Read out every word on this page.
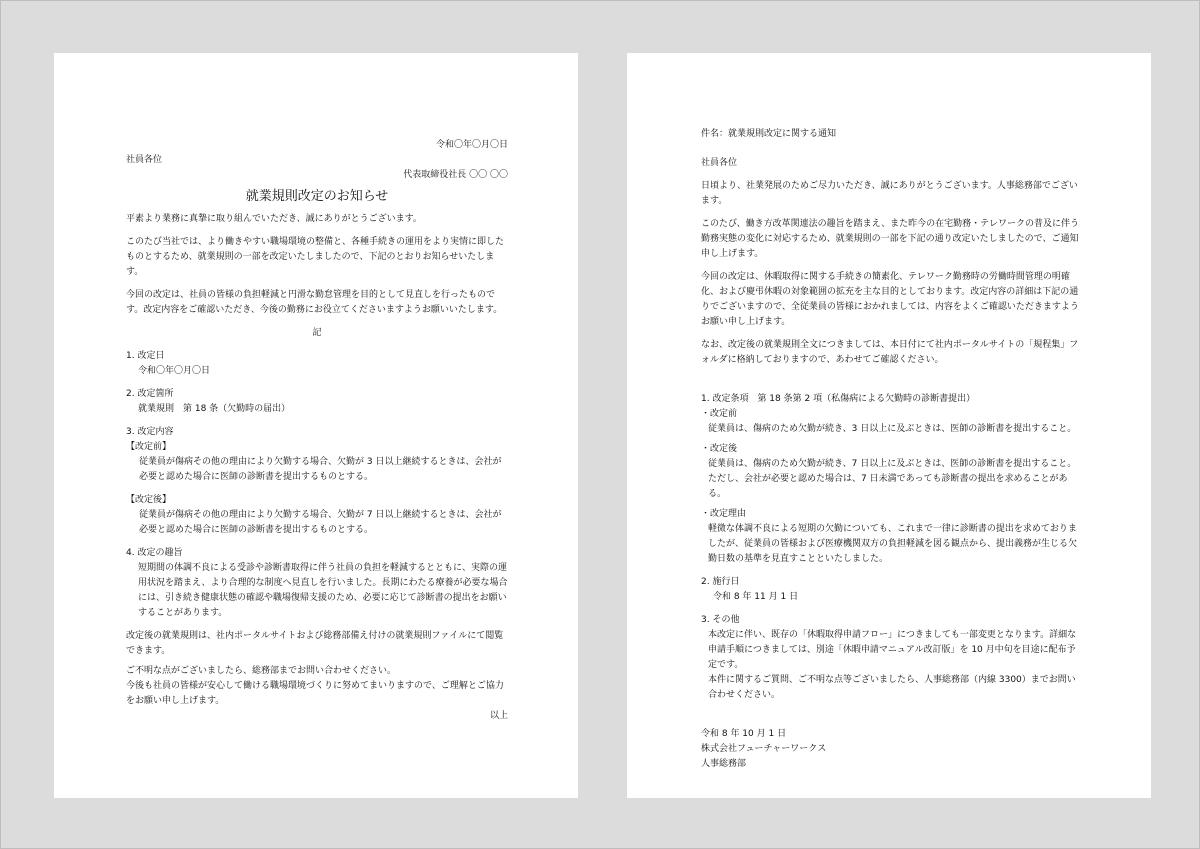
令和〇年〇月〇日

社員各位

代表取締役社長 〇〇 〇〇

就業規則改定のお知らせ

平素より業務に真摯に取り組んでいただき、誠にありがとうございます。

このたび当社では、より働きやすい職場環境の整備と、各種手続きの運用をより実情に即したものとするため、就業規則の一部を改定いたしましたので、下記のとおりお知らせいたします。

今回の改定は、社員の皆様の負担軽減と円滑な勤怠管理を目的として見直しを行ったものです。改定内容をご確認いただき、今後の勤務にお役立てくださいますようお願いいたします。

記

1. 改定日

令和〇年〇月〇日

2. 改定箇所

就業規則　第 18 条（欠勤時の届出）

3. 改定内容

【改定前】

従業員が傷病その他の理由により欠勤する場合、欠勤が 3 日以上継続するときは、会社が必要と認めた場合に医師の診断書を提出するものとする。

【改定後】

従業員が傷病その他の理由により欠勤する場合、欠勤が 7 日以上継続するときは、会社が必要と認めた場合に医師の診断書を提出するものとする。

4. 改定の趣旨

短期間の体調不良による受診や診断書取得に伴う社員の負担を軽減するとともに、実際の運用状況を踏まえ、より合理的な制度へ見直しを行いました。長期にわたる療養が必要な場合には、引き続き健康状態の確認や職場復帰支援のため、必要に応じて診断書の提出をお願いすることがあります。

改定後の就業規則は、社内ポータルサイトおよび総務部備え付けの就業規則ファイルにて閲覧できます。

ご不明な点がございましたら、総務部までお問い合わせください。

今後も社員の皆様が安心して働ける職場環境づくりに努めてまいりますので、ご理解とご協力をお願い申し上げます。

以上

件名：就業規則改定に関する通知

社員各位

日頃より、社業発展のためご尽力いただき、誠にありがとうございます。人事総務部でございます。

このたび、働き方改革関連法の趣旨を踏まえ、また昨今の在宅勤務・テレワークの普及に伴う勤務実態の変化に対応するため、就業規則の一部を下記の通り改定いたしましたので、ご通知申し上げます。

今回の改定は、休暇取得に関する手続きの簡素化、テレワーク勤務時の労働時間管理の明確化、および慶弔休暇の対象範囲の拡充を主な目的としております。改定内容の詳細は下記の通りでございますので、全従業員の皆様におかれましては、内容をよくご確認いただきますようお願い申し上げます。

なお、改定後の就業規則全文につきましては、本日付にて社内ポータルサイトの「規程集」フォルダに格納しておりますので、あわせてご確認ください。

1. 改定条項　第 18 条第 2 項（私傷病による欠勤時の診断書提出）

・改定前

従業員は、傷病のため欠勤が続き、3 日以上に及ぶときは、医師の診断書を提出すること。

・改定後

従業員は、傷病のため欠勤が続き、7 日以上に及ぶときは、医師の診断書を提出すること。ただし、会社が必要と認めた場合は、7 日未満であっても診断書の提出を求めることがある。

・改定理由

軽微な体調不良による短期の欠勤についても、これまで一律に診断書の提出を求めておりましたが、従業員の皆様および医療機関双方の負担軽減を図る観点から、提出義務が生じる欠勤日数の基準を見直すことといたしました。

2. 施行日

令和 8 年 11 月 1 日

3. その他

本改定に伴い、既存の「休暇取得申請フロー」につきましても一部変更となります。詳細な申請手順につきましては、別途「休暇申請マニュアル改訂版」を 10 月中旬を目途に配布予定です。

本件に関するご質問、ご不明な点等ございましたら、人事総務部（内線 3300）までお問い合わせください。

令和 8 年 10 月 1 日

株式会社フューチャーワークス

人事総務部
